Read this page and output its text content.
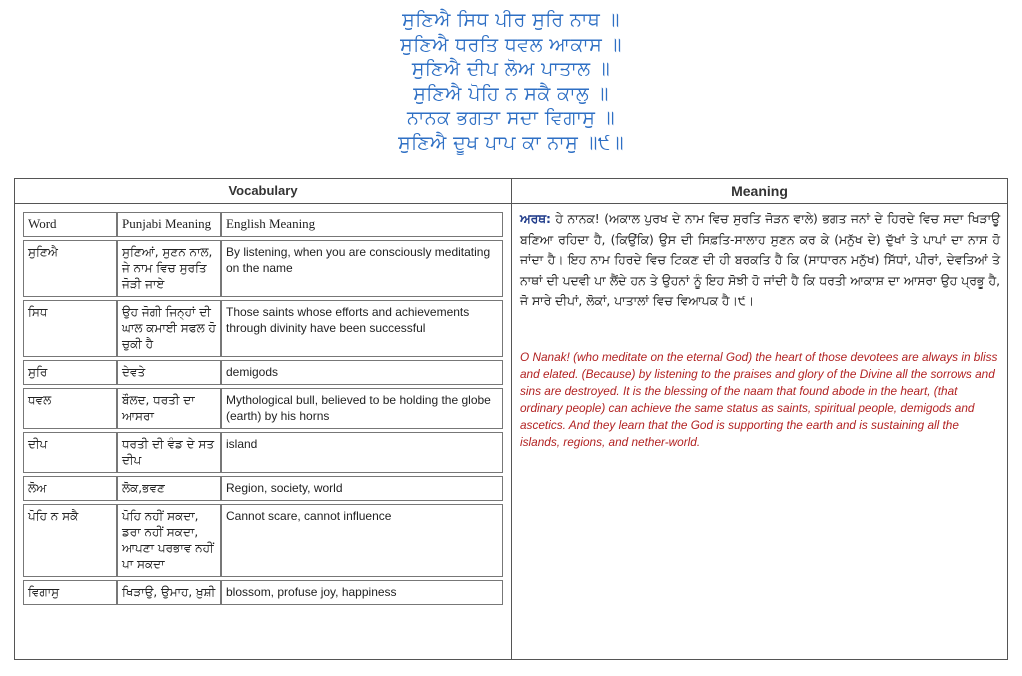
ਸੁਣਿਐ ਸਿਧ ਪੀਰ ਸੁਰਿ ਨਾਥ ॥
ਸੁਣਿਐ ਧਰਤਿ ਧਵਲ ਆਕਾਸ ॥
ਸੁਣਿਐ ਦੀਪ ਲੋਅ ਪਾਤਾਲ ॥
ਸੁਣਿਐ ਪੋਹਿ ਨ ਸਕੈ ਕਾਲੁ ॥
ਨਾਨਕ ਭਗਤਾ ਸਦਾ ਵਿਗਾਸੁ ॥
ਸੁਣਿਐ ਦੂਖ ਪਾਪ ਕਾ ਨਾਸੁ ॥੯॥
Vocabulary
Word	Punjabi Meaning	English Meaning
ਸੁਣਿਐ	ਸੁਣਿਆਂ, ਸੁਣਨ ਨਾਲ, ਜੇ ਨਾਮ ਵਿਚ ਸੁਰਤਿ ਜੋੜੀ ਜਾਏ	By listening, when you are consciously meditating on the name
ਸਿਧ	ਉਹ ਜੋਗੀ ਜਿਨ੍ਹਾਂ ਦੀ ਘਾਲ ਕਮਾਈ ਸਫਲ ਹੋ ਚੁਕੀ ਹੈ	Those saints whose efforts and achievements through divinity have been successful
ਸੁਰਿ	ਦੇਵਤੇ	demigods
ਧਵਲ	ਬੌਲਦ, ਧਰਤੀ ਦਾ ਆਸਰਾ	Mythological bull, believed to be holding the globe (earth) by his horns
ਦੀਪ	ਧਰਤੀ ਦੀ ਵੰਡ ਦੇ ਸਤ ਦੀਪ	island
ਲੋਅ	ਲੋਕ,ਭਵਣ	Region, society, world
ਪੋਹਿ ਨ ਸਕੈ	ਪੋਹਿ ਨਹੀਂ ਸਕਦਾ, ਡਰਾ ਨਹੀਂ ਸਕਦਾ, ਆਪਣਾ ਪਰਭਾਵ ਨਹੀਂ ਪਾ ਸਕਦਾ	Cannot scare, cannot influence
ਵਿਗਾਸੁ	ਖਿੜਾਉ, ਉਮਾਹ, ਖ਼ੁਸ਼ੀ	blossom, profuse joy, happiness
Meaning
ਅਰਥ: ਹੇ ਨਾਨਕ! (ਅਕਾਲ ਪੁਰਖ ਦੇ ਨਾਮ ਵਿਚ ਸੁਰਤਿ ਜੋੜਨ ਵਾਲੇ) ਭਗਤ ਜਨਾਂ ਦੇ ਹਿਰਦੇ ਵਿਚ ਸਦਾ ਖਿੜਾਊ ਬਣਿਆ ਰਹਿਦਾ ਹੈ, (ਕਿਉਂਕਿ) ਉਸ ਦੀ ਸਿਫ਼ਤਿ-ਸਾਲਾਹ ਸੁਣਨ ਕਰ ਕੇ (ਮਨੁੱਖ ਦੇ) ਦੁੱਖਾਂ ਤੇ ਪਾਪਾਂ ਦਾ ਨਾਸ ਹੋ ਜਾਂਦਾ ਹੈ। ਇਹ ਨਾਮ ਹਿਰਦੇ ਵਿਚ ਟਿਕਣ ਦੀ ਹੀ ਬਰਕਤਿ ਹੈ ਕਿ (ਸਾਧਾਰਨ ਮਨੁੱਖ) ਸਿੱਧਾਂ, ਪੀਰਾਂ, ਦੇਵਤਿਆਂ ਤੇ ਨਾਥਾਂ ਦੀ ਪਦਵੀ ਪਾ ਲੈਂਦੇ ਹਨ ਤੇ ਉਹਨਾਂ ਨੂੰ ਇਹ ਸੋਝੀ ਹੋ ਜਾਂਦੀ ਹੈ ਕਿ ਧਰਤੀ ਆਕਾਸ਼ ਦਾ ਆਸਰਾ ਉਹ ਪ੍ਰਭੂ ਹੈ, ਜੋ ਸਾਰੇ ਦੀਪਾਂ, ਲੋਕਾਂ, ਪਾਤਾਲਾਂ ਵਿਚ ਵਿਆਪਕ ਹੈ।੯।
O Nanak! (who meditate on the eternal God) the heart of those devotees are always in bliss and elated. (Because) by listening to the praises and glory of the Divine all the sorrows and sins are destroyed. It is the blessing of the naam that found abode in the heart, (that ordinary people) can achieve the same status as saints, spiritual people, demigods and ascetics. And they learn that the God is supporting the earth and is sustaining all the islands, regions, and nether-world.
